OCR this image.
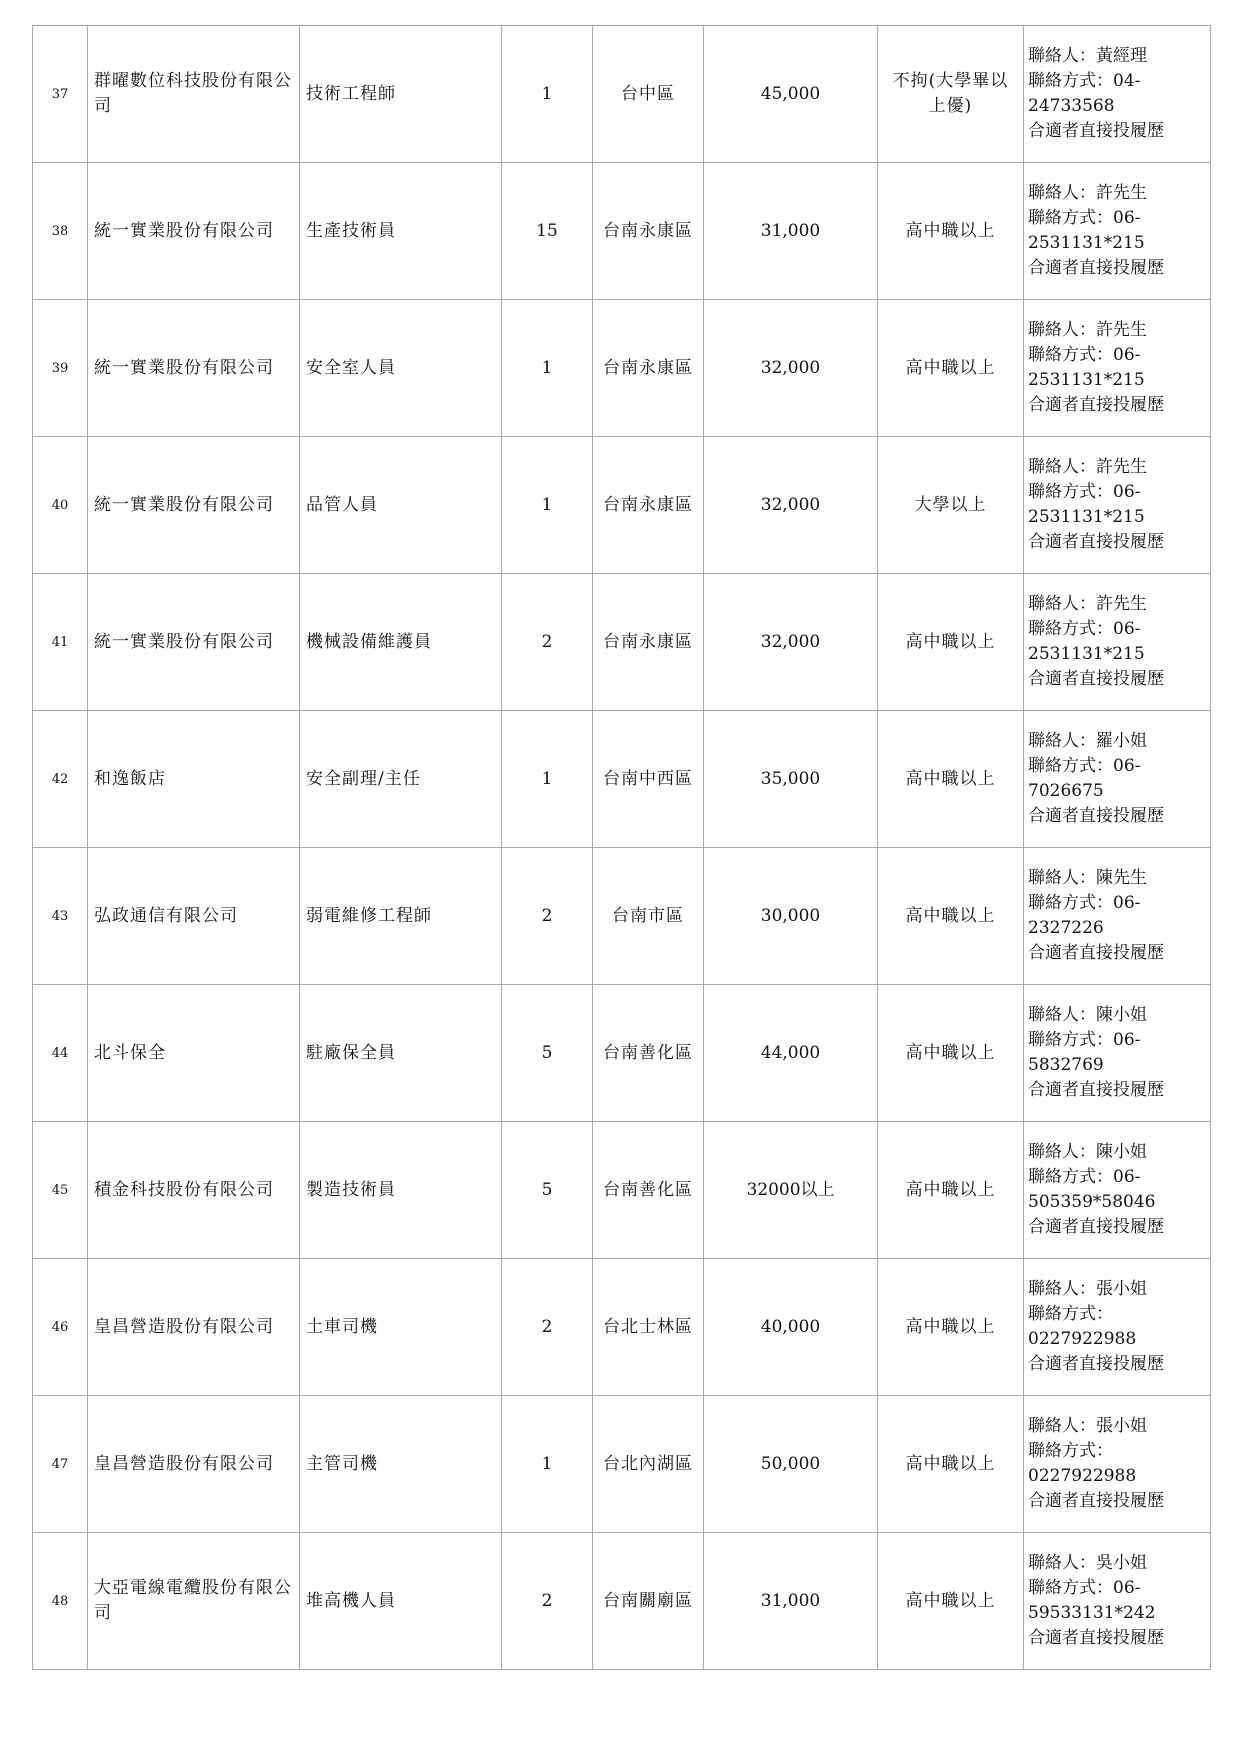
37	群曜數位科技股份有限公司	技術工程師	1	台中區	45,000	不拘(大學畢以上優)	聯絡人：黃經理
聯絡方式：04-
24733568
合適者直接投履歷

38	統一實業股份有限公司	生產技術員	15	台南永康區	31,000	高中職以上	聯絡人：許先生
聯絡方式：06-
2531131*215
合適者直接投履歷

39	統一實業股份有限公司	安全室人員	1	台南永康區	32,000	高中職以上	聯絡人：許先生
聯絡方式：06-
2531131*215
合適者直接投履歷

40	統一實業股份有限公司	品管人員	1	台南永康區	32,000	大學以上	聯絡人：許先生
聯絡方式：06-
2531131*215
合適者直接投履歷

41	統一實業股份有限公司	機械設備維護員	2	台南永康區	32,000	高中職以上	聯絡人：許先生
聯絡方式：06-
2531131*215
合適者直接投履歷

42	和逸飯店	安全副理/主任	1	台南中西區	35,000	高中職以上	聯絡人：羅小姐
聯絡方式：06-
7026675
合適者直接投履歷

43	弘政通信有限公司	弱電維修工程師	2	台南市區	30,000	高中職以上	聯絡人：陳先生
聯絡方式：06-
2327226
合適者直接投履歷

44	北斗保全	駐廠保全員	5	台南善化區	44,000	高中職以上	聯絡人：陳小姐
聯絡方式：06-
5832769
合適者直接投履歷

45	積金科技股份有限公司	製造技術員	5	台南善化區	32000以上	高中職以上	聯絡人：陳小姐
聯絡方式：06-
505359*58046
合適者直接投履歷

46	皇昌營造股份有限公司	土車司機	2	台北士林區	40,000	高中職以上	聯絡人：張小姐
聯絡方式：
0227922988
合適者直接投履歷

47	皇昌營造股份有限公司	主管司機	1	台北內湖區	50,000	高中職以上	聯絡人：張小姐
聯絡方式：
0227922988
合適者直接投履歷

48	大亞電線電纜股份有限公司	堆高機人員	2	台南關廟區	31,000	高中職以上	聯絡人：吳小姐
聯絡方式：06-
59533131*242
合適者直接投履歷
